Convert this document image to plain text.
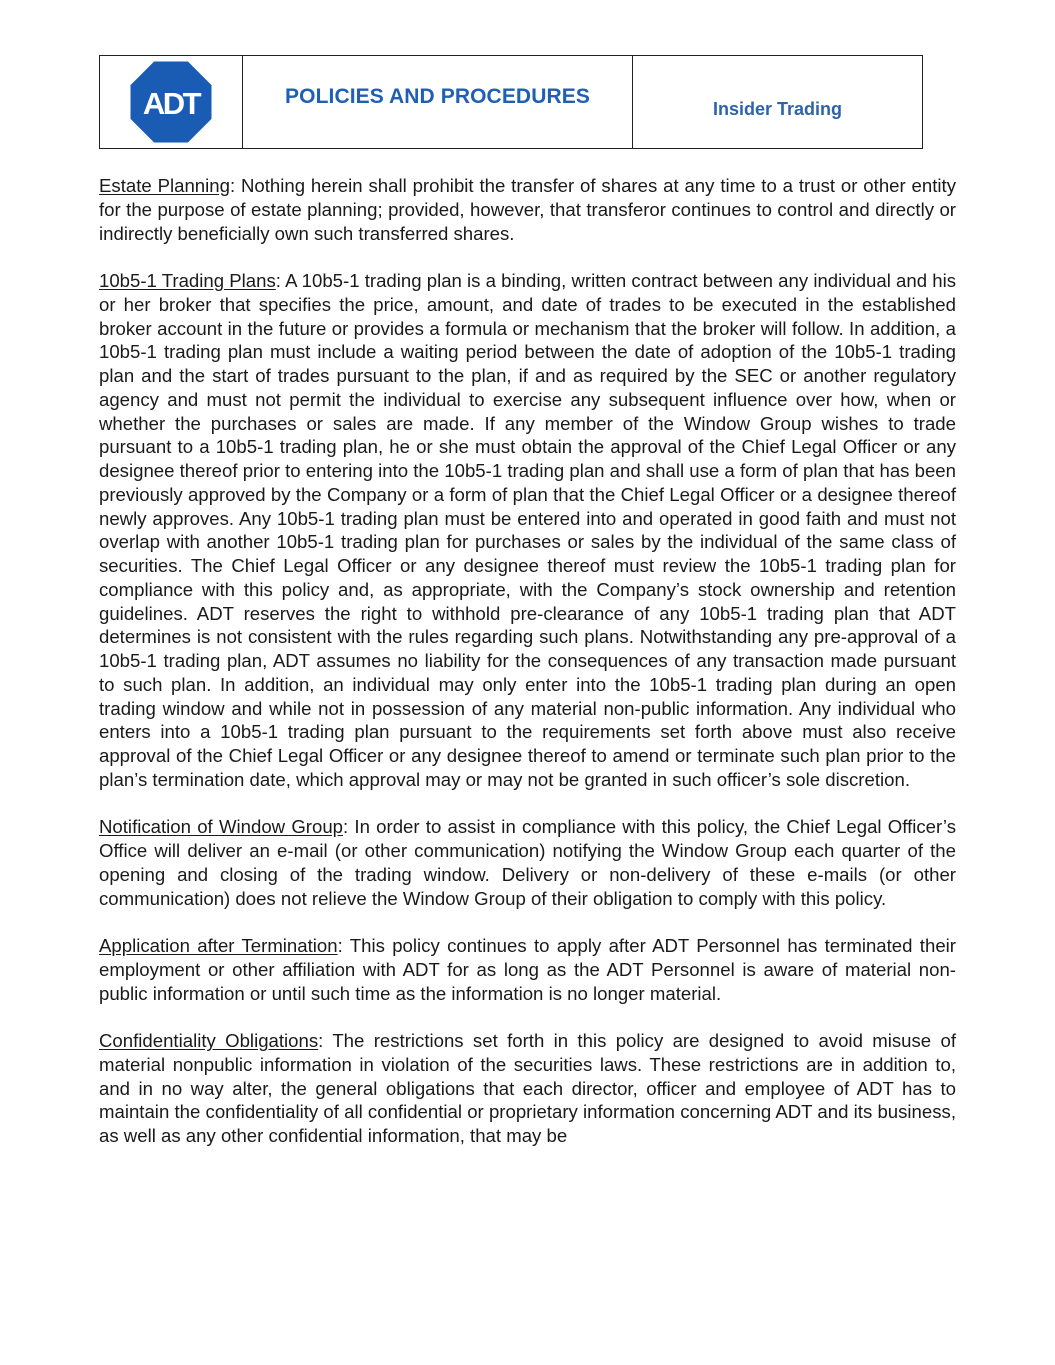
ADT	POLICIES AND PROCEDURES
Insider Trading

Estate Planning: Nothing herein shall prohibit the transfer of shares at any time to a trust or other entity for the purpose of estate planning; provided, however, that transferor continues to control and directly or indirectly beneficially own such transferred shares.

10b5-1 Trading Plans: A 10b5-1 trading plan is a binding, written contract between any individual and his or her broker that specifies the price, amount, and date of trades to be executed in the established broker account in the future or provides a formula or mechanism that the broker will follow. In addition, a 10b5-1 trading plan must include a waiting period between the date of adoption of the 10b5-1 trading plan and the start of trades pursuant to the plan, if and as required by the SEC or another regulatory agency and must not permit the individual to exercise any subsequent influence over how, when or whether the purchases or sales are made. If any member of the Window Group wishes to trade pursuant to a 10b5-1 trading plan, he or she must obtain the approval of the Chief Legal Officer or any designee thereof prior to entering into the 10b5-1 trading plan and shall use a form of plan that has been previously approved by the Company or a form of plan that the Chief Legal Officer or a designee thereof newly approves. Any 10b5-1 trading plan must be entered into and operated in good faith and must not overlap with another 10b5-1 trading plan for purchases or sales by the individual of the same class of securities. The Chief Legal Officer or any designee thereof must review the 10b5-1 trading plan for compliance with this policy and, as appropriate, with the Company’s stock ownership and retention guidelines. ADT reserves the right to withhold pre-clearance of any 10b5-1 trading plan that ADT determines is not consistent with the rules regarding such plans. Notwithstanding any pre-approval of a 10b5-1 trading plan, ADT assumes no liability for the consequences of any transaction made pursuant to such plan. In addition, an individual may only enter into the 10b5-1 trading plan during an open trading window and while not in possession of any material non-public information. Any individual who enters into a 10b5-1 trading plan pursuant to the requirements set forth above must also receive approval of the Chief Legal Officer or any designee thereof to amend or terminate such plan prior to the plan’s termination date, which approval may or may not be granted in such officer’s sole discretion.

Notification of Window Group: In order to assist in compliance with this policy, the Chief Legal Officer’s Office will deliver an e-mail (or other communication) notifying the Window Group each quarter of the opening and closing of the trading window. Delivery or non-delivery of these e-mails (or other communication) does not relieve the Window Group of their obligation to comply with this policy.

Application after Termination: This policy continues to apply after ADT Personnel has terminated their employment or other affiliation with ADT for as long as the ADT Personnel is aware of material non-public information or until such time as the information is no longer material.

Confidentiality Obligations: The restrictions set forth in this policy are designed to avoid misuse of material nonpublic information in violation of the securities laws. These restrictions are in addition to, and in no way alter, the general obligations that each director, officer and employee of ADT has to maintain the confidentiality of all confidential or proprietary information concerning ADT and its business, as well as any other confidential information, that may be
